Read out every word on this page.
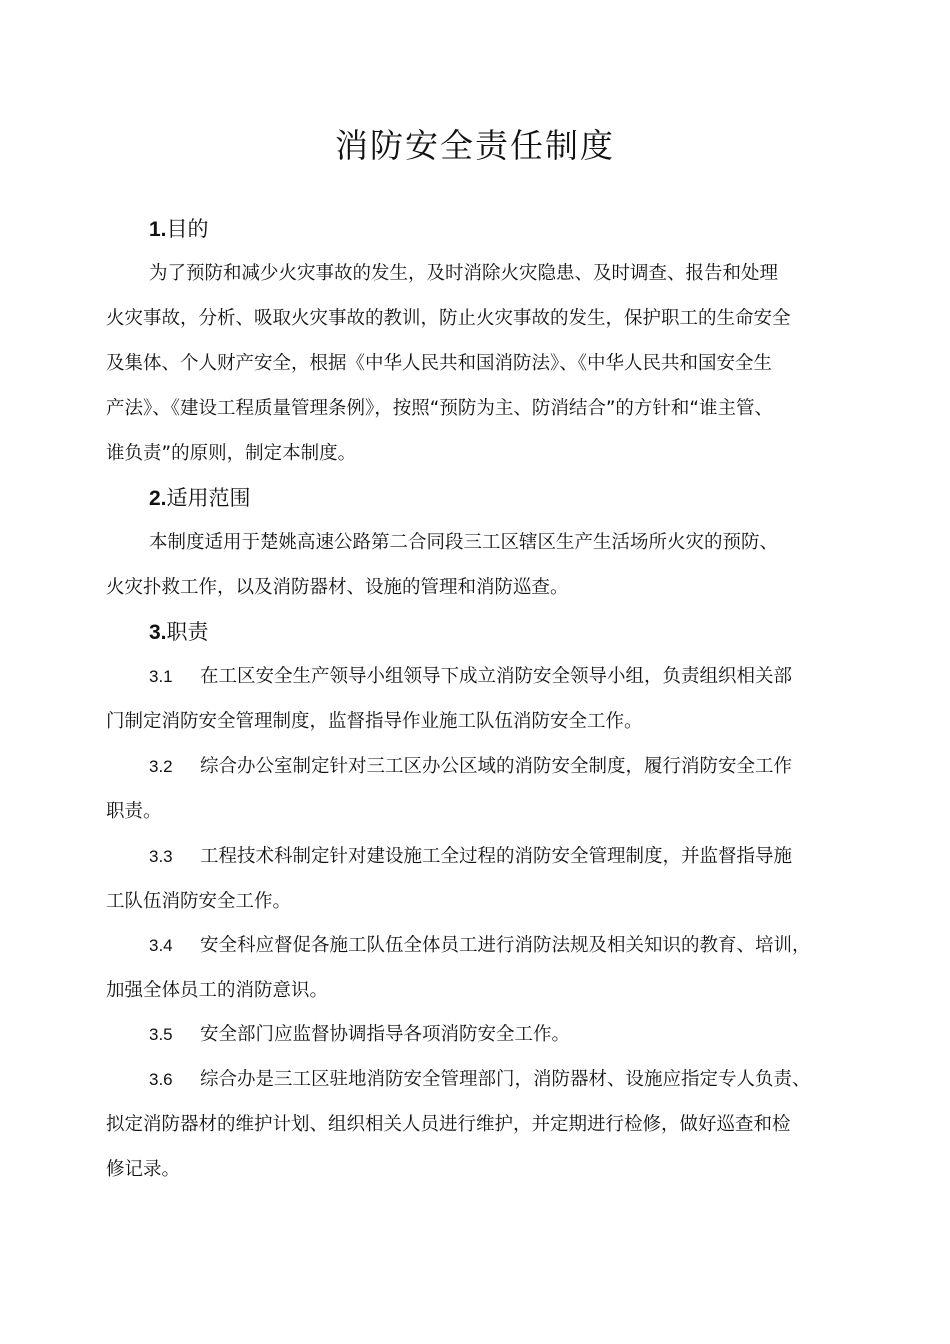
消防安全责任制度
1.目的
为了预防和减少火灾事故的发生，及时消除火灾隐患、及时调查、报告和处理
火灾事故，分析、吸取火灾事故的教训，防止火灾事故的发生，保护职工的生命安全
及集体、个人财产安全，根据《中华人民共和国消防法》、《中华人民共和国安全生
产法》、《建设工程质量管理条例》，按照“预防为主、防消结合”的方针和“谁主管、
谁负责”的原则，制定本制度。
2.适用范围
本制度适用于楚姚高速公路第二合同段三工区辖区生产生活场所火灾的预防、
火灾扑救工作，以及消防器材、设施的管理和消防巡查。
3.职责
3.1 在工区安全生产领导小组领导下成立消防安全领导小组，负责组织相关部
门制定消防安全管理制度，监督指导作业施工队伍消防安全工作。
3.2 综合办公室制定针对三工区办公区域的消防安全制度，履行消防安全工作
职责。
3.3 工程技术科制定针对建设施工全过程的消防安全管理制度，并监督指导施
工队伍消防安全工作。
3.4 安全科应督促各施工队伍全体员工进行消防法规及相关知识的教育、培训，
加强全体员工的消防意识。
3.5 安全部门应监督协调指导各项消防安全工作。
3.6 综合办是三工区驻地消防安全管理部门，消防器材、设施应指定专人负责、
拟定消防器材的维护计划、组织相关人员进行维护，并定期进行检修，做好巡查和检
修记录。
